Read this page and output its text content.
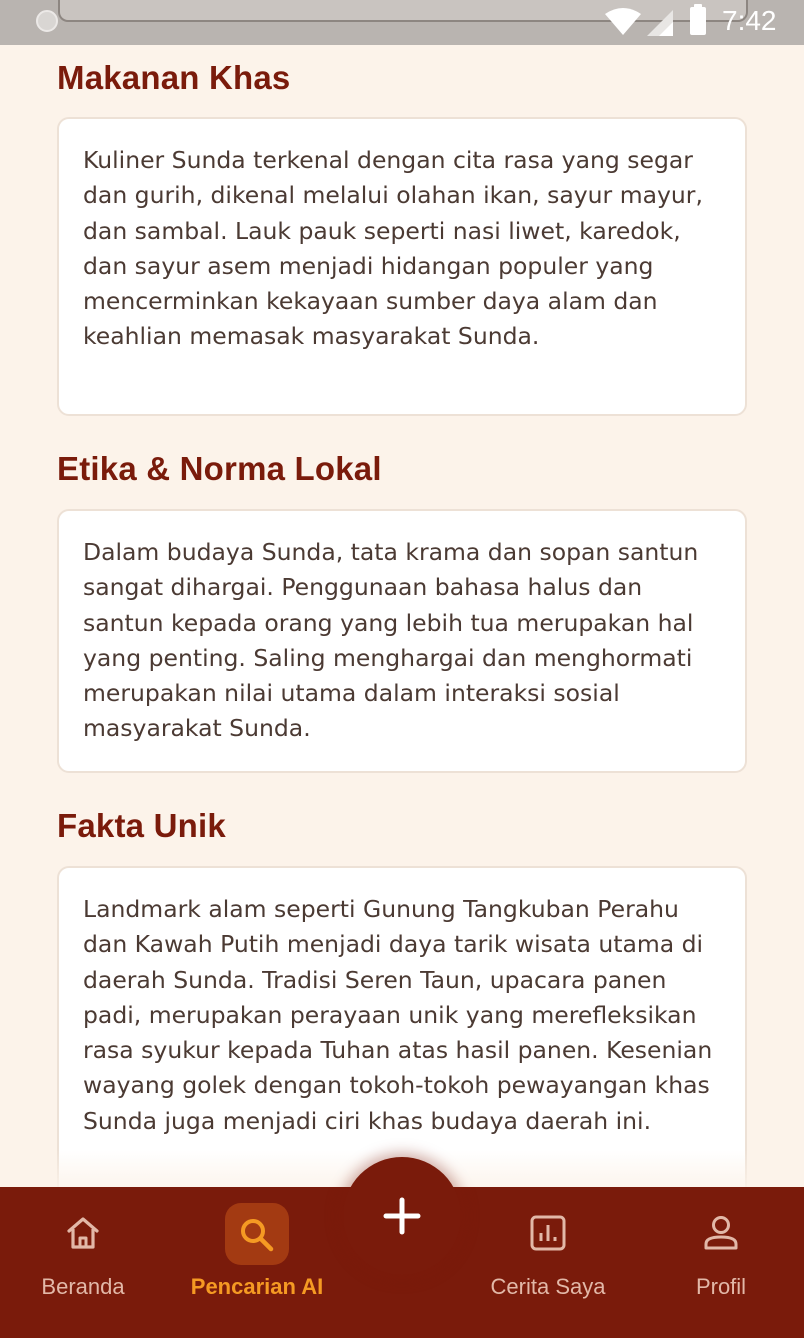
7:42
Makanan Khas

Kuliner Sunda terkenal dengan cita rasa yang segar dan gurih, dikenal melalui olahan ikan, sayur mayur, dan sambal. Lauk pauk seperti nasi liwet, karedok, dan sayur asem menjadi hidangan populer yang mencerminkan kekayaan sumber daya alam dan keahlian memasak masyarakat Sunda.

Etika & Norma Lokal

Dalam budaya Sunda, tata krama dan sopan santun sangat dihargai. Penggunaan bahasa halus dan santun kepada orang yang lebih tua merupakan hal yang penting. Saling menghargai dan menghormati merupakan nilai utama dalam interaksi sosial masyarakat Sunda.

Fakta Unik

Landmark alam seperti Gunung Tangkuban Perahu dan Kawah Putih menjadi daya tarik wisata utama di daerah Sunda. Tradisi Seren Taun, upacara panen padi, merupakan perayaan unik yang merefleksikan rasa syukur kepada Tuhan atas hasil panen. Kesenian wayang golek dengan tokoh-tokoh pewayangan khas Sunda juga menjadi ciri khas budaya daerah ini.

Beranda	Pencarian AI	Cerita Saya	Profil
